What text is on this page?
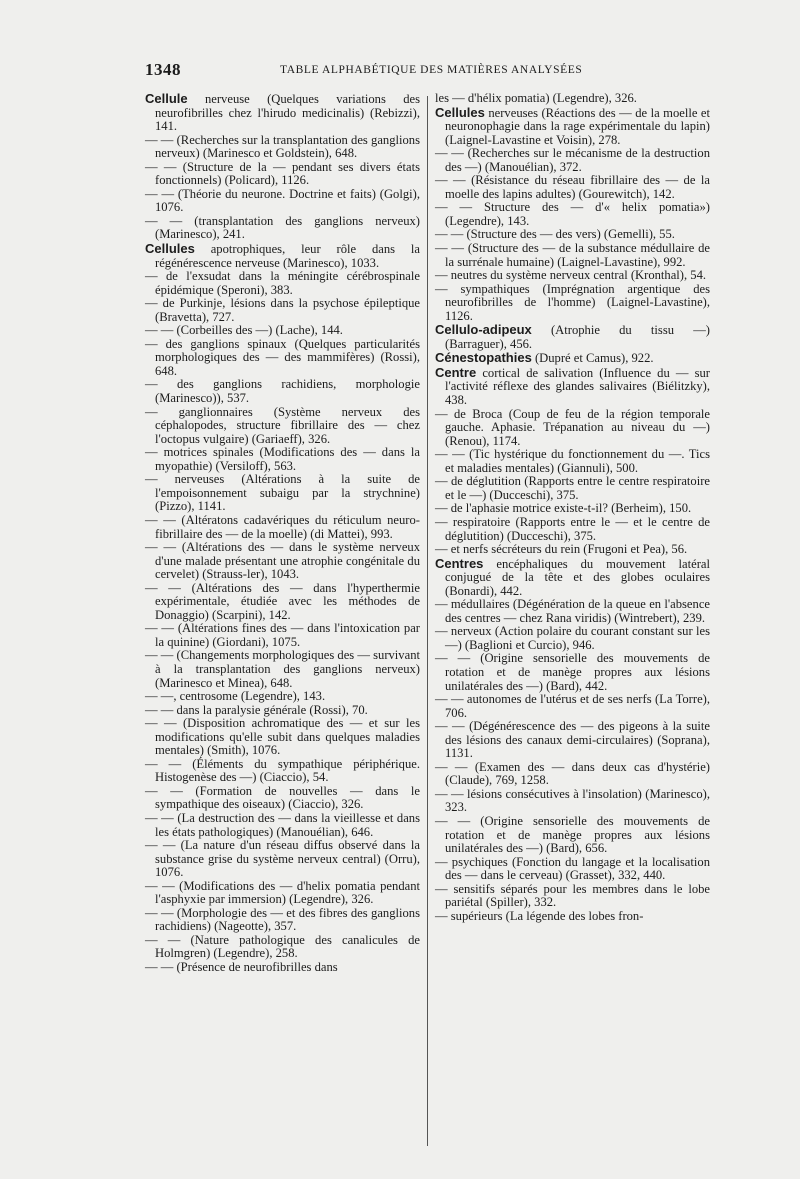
1348	TABLE ALPHABÉTIQUE DES MATIÈRES ANALYSÉES

Cellule nerveuse (Quelques variations des neurofibrilles chez l'hirudo medicinalis) (Rebizzi), 141.

— — (Recherches sur la transplantation des ganglions nerveux) (Marinesco et Goldstein), 648.

— — (Structure de la — pendant ses divers états fonctionnels) (Policard), 1126.

— — (Théorie du neurone. Doctrine et faits) (Golgi), 1076.

— — (transplantation des ganglions nerveux) (Marinesco), 241.

Cellules apotrophiques, leur rôle dans la régénérescence nerveuse (Marinesco), 1033.

— de l'exsudat dans la méningite cérébrospinale épidémique (Speroni), 383.

— de Purkinje, lésions dans la psychose épileptique (Bravetta), 727.

— — (Corbeilles des —) (Lache), 144.

— des ganglions spinaux (Quelques particularités morphologiques des — des mammifères) (Rossi), 648.

— des ganglions rachidiens, morphologie (Marinesco)), 537.

— ganglionnaires (Système nerveux des céphalopodes, structure fibrillaire des — chez l'octopus vulgaire) (Gariaeff), 326.

— motrices spinales (Modifications des — dans la myopathie) (Versiloff), 563.

— nerveuses (Altérations à la suite de l'empoisonnement subaigu par la strychnine) (Pizzo), 1141.

— — (Altératons cadavériques du réticulum neuro-fibrillaire des — de la moelle) (di Mattei), 993.

— — (Altérations des — dans le système nerveux d'une malade présentant une atrophie congénitale du cervelet) (Strauss-ler), 1043.

— — (Altérations des — dans l'hyperthermie expérimentale, étudiée avec les méthodes de Donaggio) (Scarpini), 142.

— — (Altérations fines des — dans l'intoxication par la quinine) (Giordani), 1075.

— — (Changements morphologiques des — survivant à la transplantation des ganglions nerveux) (Marinesco et Minea), 648.

— —, centrosome (Legendre), 143.

— — dans la paralysie générale (Rossi), 70.

— — (Disposition achromatique des — et sur les modifications qu'elle subit dans quelques maladies mentales) (Smith), 1076.

— — (Éléments du sympathique périphérique. Histogenèse des —) (Ciaccio), 54.

— — (Formation de nouvelles — dans le sympathique des oiseaux) (Ciaccio), 326.

— — (La destruction des — dans la vieillesse et dans les états pathologiques) (Manouélian), 646.

— — (La nature d'un réseau diffus observé dans la substance grise du système nerveux central) (Orru), 1076.

— — (Modifications des — d'helix pomatia pendant l'asphyxie par immersion) (Legendre), 326.

— — (Morphologie des — et des fibres des ganglions rachidiens) (Nageotte), 357.

— — (Nature pathologique des canalicules de Holmgren) (Legendre), 258.

— — (Présence de neurofibrilles dans

les — d'hélix pomatia) (Legendre), 326.

Cellules nerveuses (Réactions des — de la moelle et neuronophagie dans la rage expérimentale du lapin) (Laignel-Lavastine et Voisin), 278.

— — (Recherches sur le mécanisme de la destruction des —) (Manouélian), 372.

— — (Résistance du réseau fibrillaire des — de la moelle des lapins adultes) (Gourewitch), 142.

— — Structure des — d'« helix pomatia») (Legendre), 143.

— — (Structure des — des vers) (Gemelli), 55.

— — (Structure des — de la substance médullaire de la surrénale humaine) (Laignel-Lavastine), 992.

— neutres du système nerveux central (Kronthal), 54.

— sympathiques (Imprégnation argentique des neurofibrilles de l'homme) (Laignel-Lavastine), 1126.

Cellulo-adipeux (Atrophie du tissu —) (Barraguer), 456.

Cénestopathies (Dupré et Camus), 922.

Centre cortical de salivation (Influence du — sur l'activité réflexe des glandes salivaires (Biélitzky), 438.

— de Broca (Coup de feu de la région temporale gauche. Aphasie. Trépanation au niveau du —) (Renou), 1174.

— — (Tic hystérique du fonctionnement du —. Tics et maladies mentales) (Giannuli), 500.

— de déglutition (Rapports entre le centre respiratoire et le —) (Ducceschi), 375.

— de l'aphasie motrice existe-t-il? (Berheim), 150.

— respiratoire (Rapports entre le — et le centre de déglutition) (Ducceschi), 375.

— et nerfs sécréteurs du rein (Frugoni et Pea), 56.

Centres encéphaliques du mouvement latéral conjugué de la tête et des globes oculaires (Bonardi), 442.

— médullaires (Dégénération de la queue en l'absence des centres — chez Rana viridis) (Wintrebert), 239.

— nerveux (Action polaire du courant constant sur les —) (Baglioni et Curcio), 946.

— — (Origine sensorielle des mouvements de rotation et de manège propres aux lésions unilatérales des —) (Bard), 442.

— — autonomes de l'utérus et de ses nerfs (La Torre), 706.

— — (Dégénérescence des — des pigeons à la suite des lésions des canaux demi-circulaires) (Soprana), 1131.

— — (Examen des — dans deux cas d'hystérie) (Claude), 769, 1258.

— — lésions consécutives à l'insolation) (Marinesco), 323.

— — (Origine sensorielle des mouvements de rotation et de manège propres aux lésions unilatérales des —) (Bard), 656.

— psychiques (Fonction du langage et la localisation des — dans le cerveau) (Grasset), 332, 440.

— sensitifs séparés pour les membres dans le lobe pariétal (Spiller), 332.

— supérieurs (La légende des lobes fron-
